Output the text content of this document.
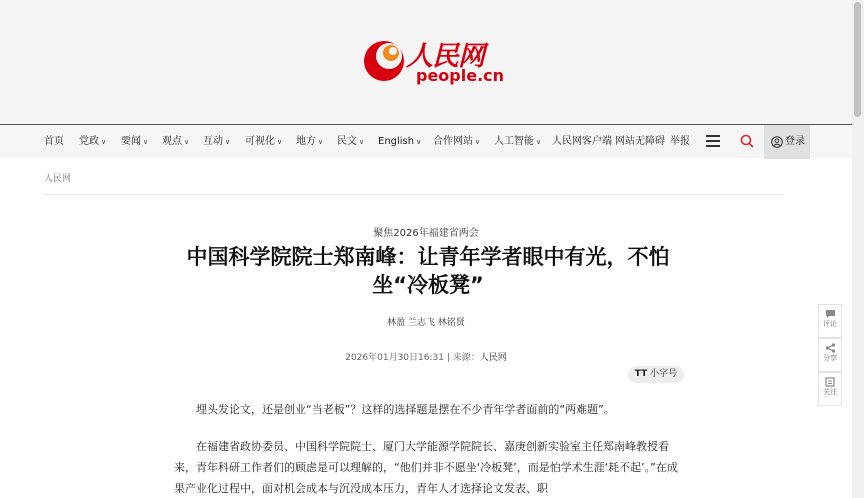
人民网
people.cn
首页 党政 ∨ 要闻 ∨ 观点 ∨ 互动 ∨ 可视化 ∨ 地方 ∨ 民文 ∨ English ∨ 合作网站 ∨ 人工智能 ∨ 人民网客户端 网站无障碍 举报	登录
人民网
聚焦2026年福建省两会
中国科学院院士郑南峰：让青年学者眼中有光，不怕坐“冷板凳”
林盈 兰志飞 林铭贤
2026年01月30日16:31 | 来源：人民网
TT 小字号

埋头发论文，还是创业“当老板”？这样的选择题是摆在不少青年学者面前的“两难题”。

在福建省政协委员、中国科学院院士、厦门大学能源学院院长、嘉庚创新实验室主任郑南峰教授看来，青年科研工作者们的顾虑是可以理解的，“他们并非不愿坐‘冷板凳’，而是怕学术生涯‘耗不起’。”在成果产业化过程中，面对机会成本与沉没成本压力，青年人才选择论文发表、职

评论
分享
关注
